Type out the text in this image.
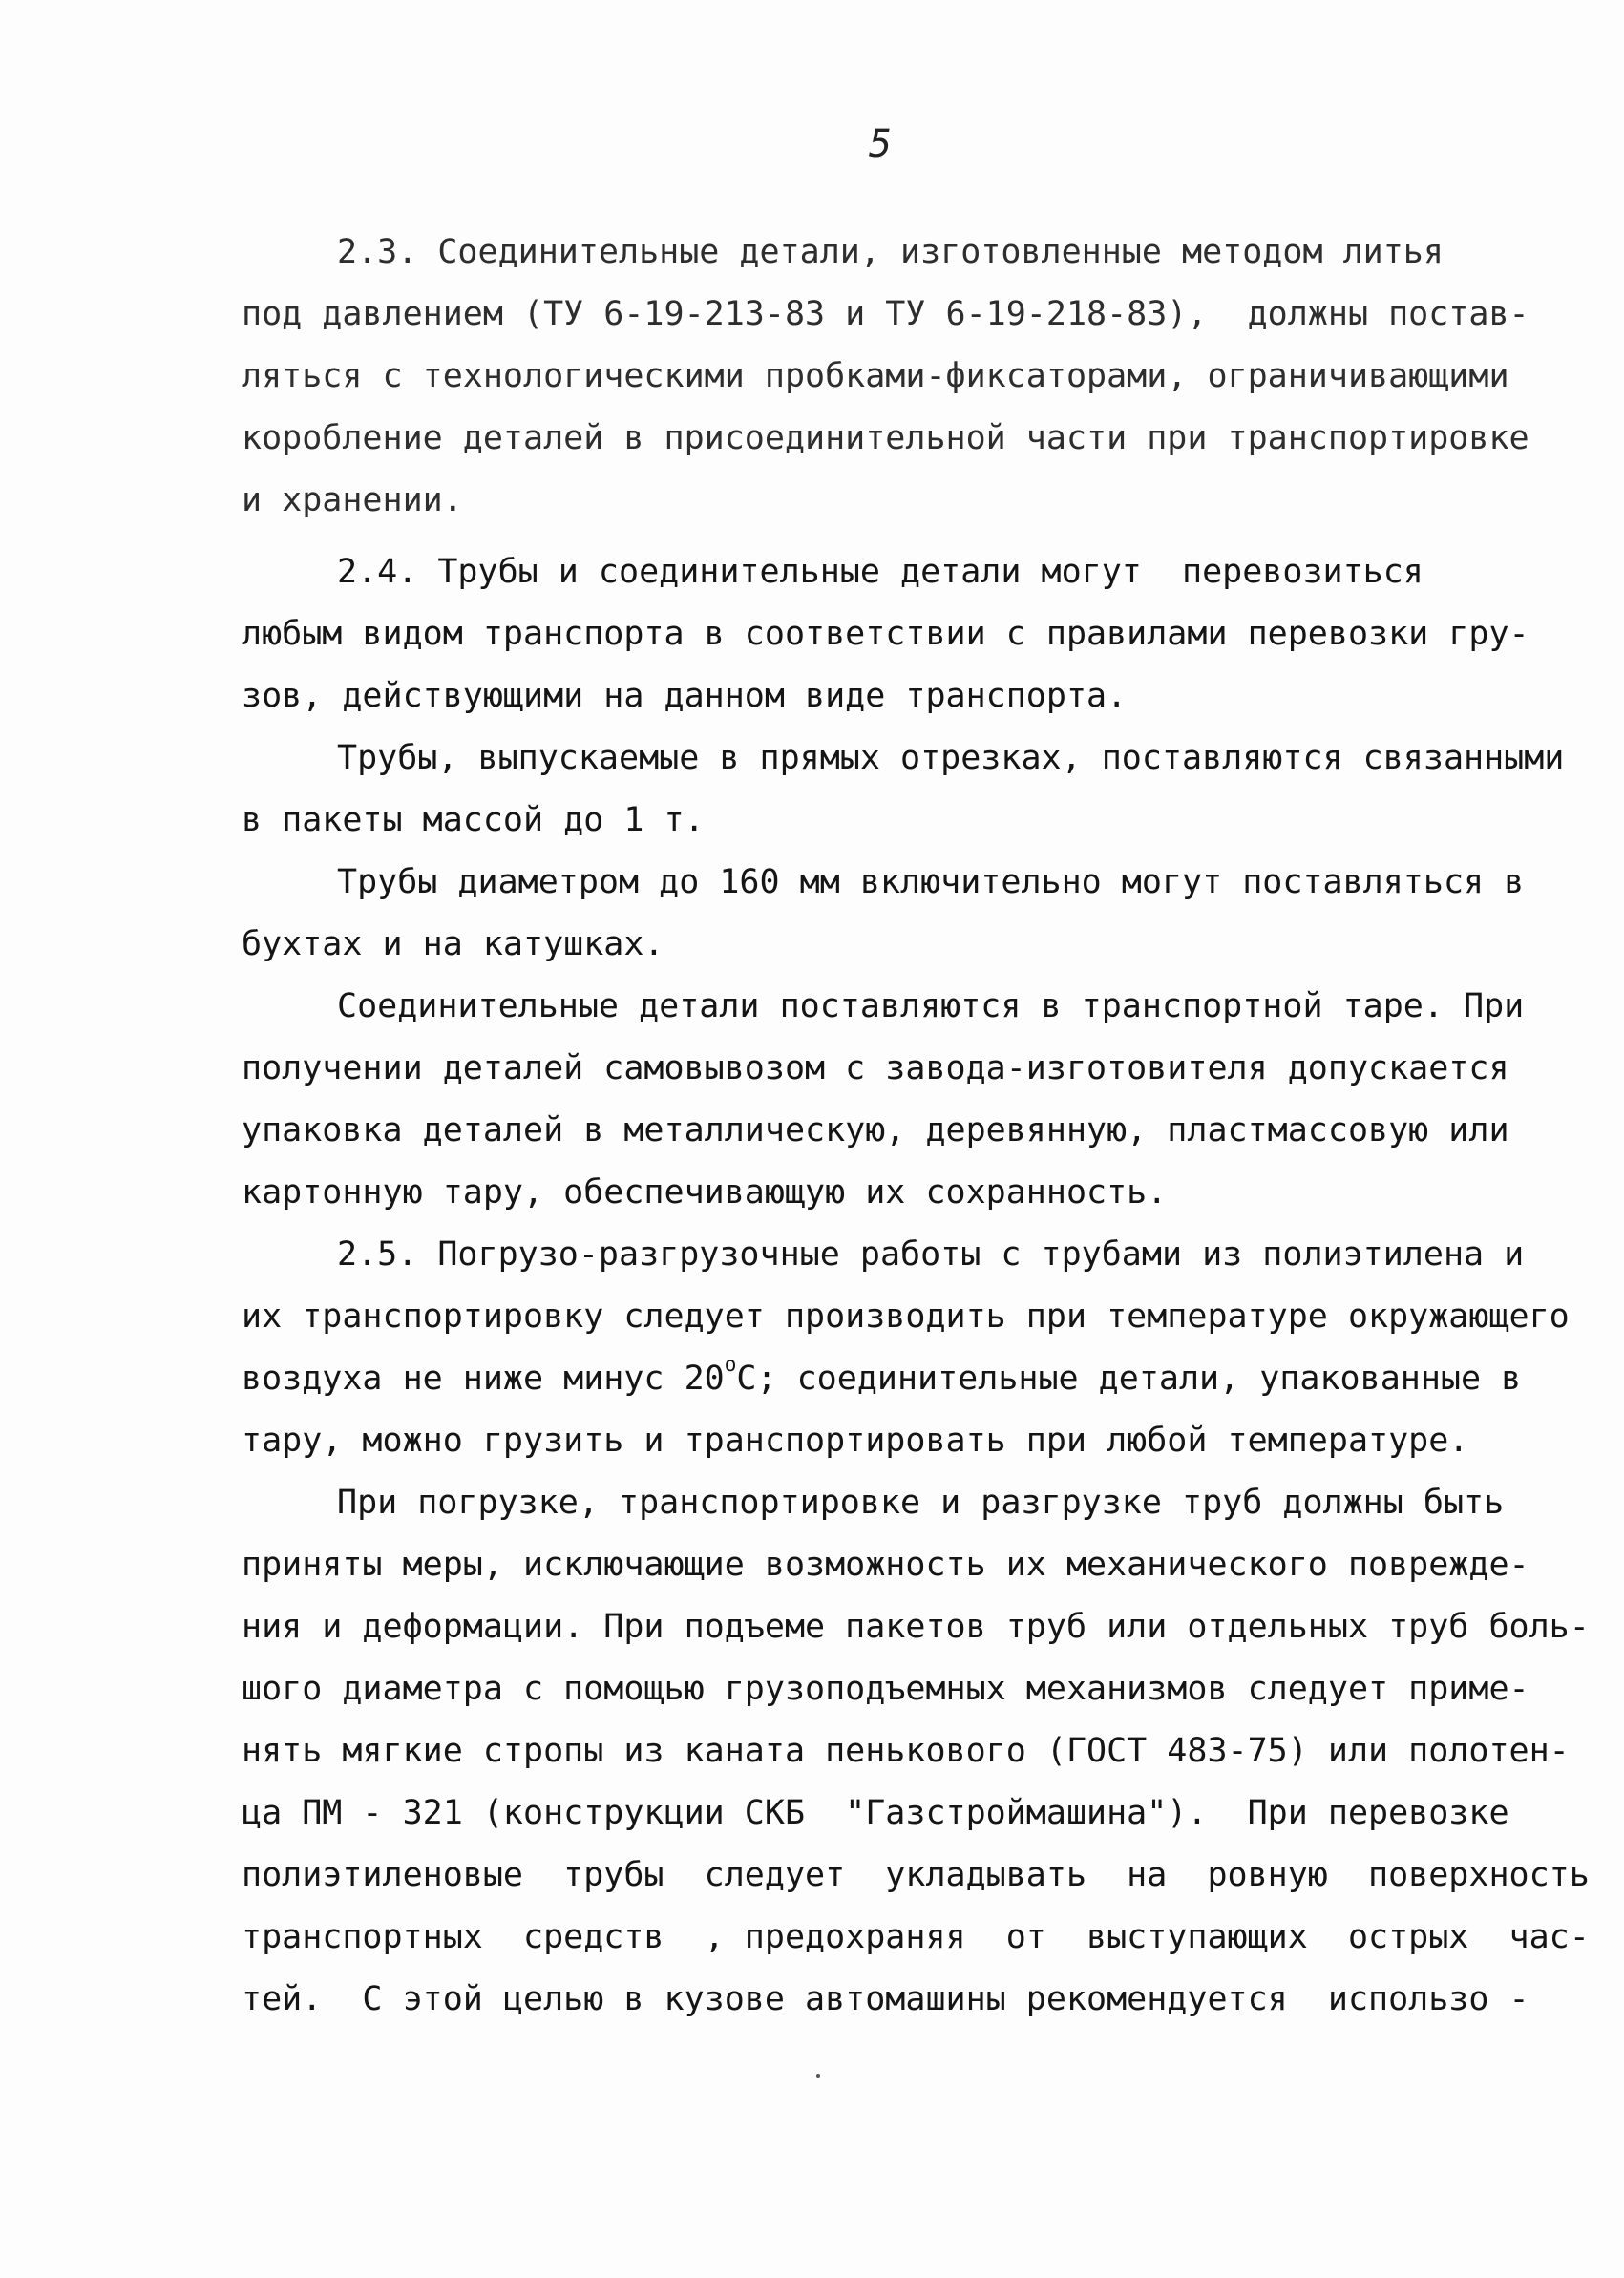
5
2.3. Соединительные детали, изготовленные методом литья
под давлением (ТУ 6-19-213-83 и ТУ 6-19-218-83),  должны постав-
ляться с технологическими пробками-фиксаторами, ограничивающими
коробление деталей в присоединительной части при транспортировке
и хранении.
2.4. Трубы и соединительные детали могут  перевозиться
любым видом транспорта в соответствии с правилами перевозки гру-
зов, действующими на данном виде транспорта.
Трубы, выпускаемые в прямых отрезках, поставляются связанными
в пакеты массой до 1 т.
Трубы диаметром до 160 мм включительно могут поставляться в
бухтах и на катушках.
Соединительные детали поставляются в транспортной таре. При
получении деталей самовывозом с завода-изготовителя допускается
упаковка деталей в металлическую, деревянную, пластмассовую или
картонную тару, обеспечивающую их сохранность.
2.5. Погрузо-разгрузочные работы с трубами из полиэтилена и
их транспортировку следует производить при температуре окружающего
воздуха не ниже минус $20^оС$; соединительные детали, упакованные в
тару, можно грузить и транспортировать при любой температуре.
При погрузке, транспортировке и разгрузке труб должны быть
приняты меры, исключающие возможность их механического поврежде-
ния и деформации. При подъеме пакетов труб или отдельных труб боль-
шого диаметра с помощью грузоподъемных механизмов следует приме-
нять мягкие стропы из каната пенькового (ГОСТ 483-75) или полотен-
ца ПМ - 321 (конструкции СКБ  "Газстроймашина").  При перевозке
полиэтиленовые  трубы  следует  укладывать  на  ровную  поверхность
транспортных  средств  , предохраняя  от  выступающих  острых  час-
тей.  С этой целью в кузове автомашины рекомендуется  использо -
